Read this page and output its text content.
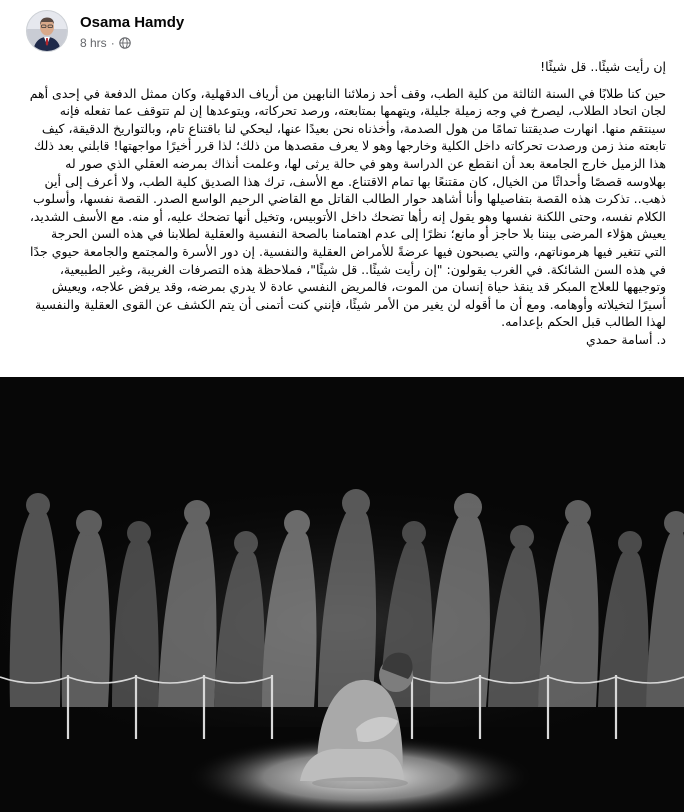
Osama Hamdy
8 hrs ·

إن رأيت شيئًا.. قل شيئًا!

حين كنا طلابًا في السنة الثالثة من كلية الطب، وقف أحد زملائنا النابهين من أرياف الدقهلية، وكان ممثل الدفعة في إحدى أهم لجان اتحاد الطلاب، ليصرخ في وجه زميلة جليلة، ويتهمها بمتابعته، ورصد تحركاته، ويتوعدها إن لم تتوقف عما تفعله فإنه سينتقم منها. انهارت صديقتنا تمامًا من هول الصدمة، وأخذناه نحن بعيدًا عنها، ليحكي لنا باقتناع تام، وبالتواريخ الدقيقة، كيف تابعته منذ زمن ورصدت تحركاته داخل الكلية وخارجها وهو لا يعرف مقصدها من ذلك؛ لذا قرر أخيرًا مواجهتها! قابلني بعد ذلك هذا الزميل خارج الجامعة بعد أن انقطع عن الدراسة وهو في حالة يرثى لها، وعلمت أنذاك بمرضه العقلي الذي صور له بهلاوسه قصصًا وأحداثًا من الخيال، كان مقتنعًا بها تمام الاقتناع. مع الأسف، ترك هذا الصديق كلية الطب، ولا أعرف إلى أين ذهب.. تذكرت هذه القصة بتفاصيلها وأنا أشاهد حوار الطالب القاتل مع القاضي الرحيم الواسع الصدر. القصة نفسها، وأسلوب الكلام نفسه، وحتى اللكنة نفسها وهو يقول إنه رأها تضحك داخل الأتوبيس، وتخيل أنها تضحك عليه، أو منه. مع الأسف الشديد، يعيش هؤلاء المرضى بيننا بلا حاجز أو مانع؛ نظرًا إلى عدم اهتمامنا بالصحة النفسية والعقلية لطلابنا في هذه السن الحرجة التي تتغير فيها هرموناتهم، والتي يصبحون فيها عرضةً للأمراض العقلية والنفسية. إن دور الأسرة والمجتمع والجامعة حيوي جدًا في هذه السن الشائكة. في الغرب يقولون: "إن رأيت شيئًا.. قل شيئًا"، فملاحظة هذه التصرفات الغريبة، وغير الطبيعية، وتوجيهها للعلاج المبكر قد ينقذ حياة إنسان من الموت، فالمريض النفسي عادة لا يدري بمرضه، وقد يرفض علاجه، ويعيش أسيرًا لتخيلاته وأوهامه. ومع أن ما أقوله لن يغير من الأمر شيئًا، فإنني كنت أتمنى أن يتم الكشف عن القوى العقلية والنفسية لهذا الطالب قبل الحكم بإعدامه.

د. أسامة حمدي
